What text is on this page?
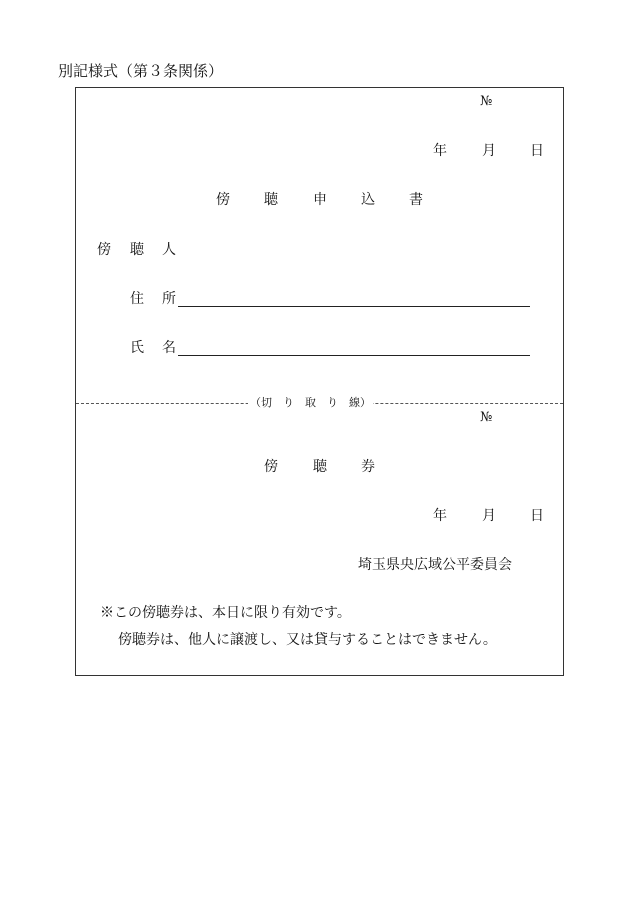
別記様式（第３条関係）
№
年	月 日
傍 聴	申 込 書
傍 聴 人
住 所
氏 名
（切　り　取　り　線）
№
傍	聴 券
年	月 日
埼玉県央広域公平委員会
※この傍聴券は、本日に限り有効です。
傍聴券は、他人に譲渡し、又は貸与することはできません。
